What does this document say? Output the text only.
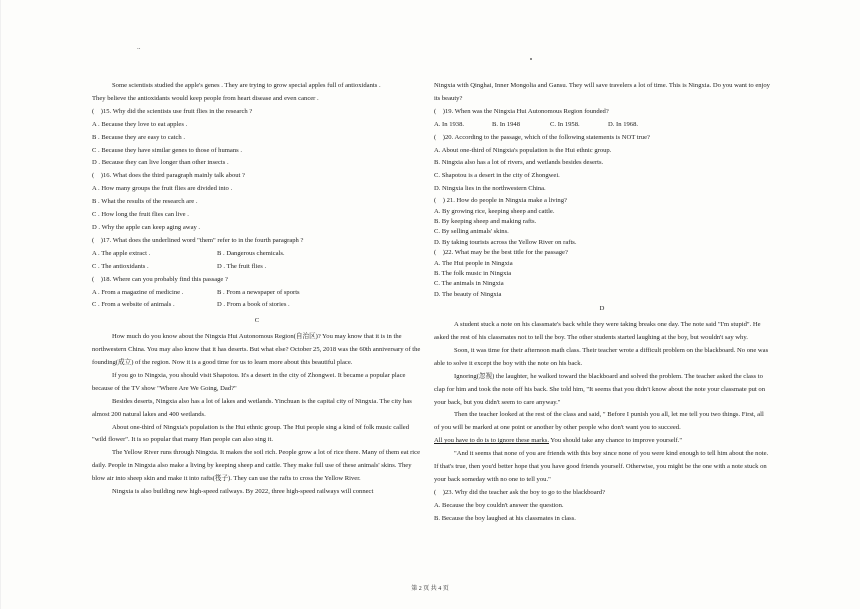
..

Some scientists studied the apple's genes . They are trying to grow special apples full of antioxidants .

They believe the antioxidants would keep people from heart disease and even cancer .

(　)15. Why did the scientists use fruit flies in the research ?

A . Because they love to eat apples .

B . Because they are easy to catch .

C . Because they have similar genes to those of humans .

D . Because they can live longer than other insects .

(　)16. What does the third paragraph mainly talk about ?

A . How many groups the fruit flies are divided into .

B . What the results of the research are .

C . How long the fruit flies can live .

D . Why the apple can keep aging away .

(　)17. What does the underlined word "them" refer to in the fourth paragraph ?

A . The apple extract .	B . Dangerous chemicals.
C . The antioxidants .	D . The fruit flies .

(　)18. Where can you probably find this passage ?

A . From a magazine of medicine .	B . From a newspaper of sports
C . From a website of animals .	D . From a book of stories .

C

How much do you know about the Ningxia Hui Autonomous Region(自治区)? You may know that it is in the northwestern China. You may also know that it has deserts. But what else? October 25, 2018 was the 60th anniversary of the founding(成立) of the region. Now it is a good time for us to learn more about this beautiful place.

If you go to Ningxia, you should visit Shapotou. It's a desert in the city of Zhongwei. It became a popular place because of the TV show "Where Are We Going, Dad?"

Besides deserts, Ningxia also has a lot of lakes and wetlands. Yinchuan is the capital city of Ningxia. The city has almost 200 natural lakes and 400 wetlands.

About one-third of Ningxia's population is the Hui ethnic group. The Hui people sing a kind of folk music called "wild flower". It is so popular that many Han people can also sing it.

The Yellow River runs through Ningxia. It makes the soil rich. People grow a lot of rice there. Many of them eat rice daily. People in Ningxia also make a living by keeping sheep and cattle. They make full use of these animals' skins. They blow air into sheep skin and make it into rafts(筏子). They can use the rafts to cross the Yellow River.

Ningxia is also building new high-speed railways. By 2022, three high-speed railways will connect

Ningxia with Qinghai, Inner Mongolia and Gansu. They will save travelers a lot of time. This is Ningxia. Do you want to enjoy its beauty?

(　)19. When was the Ningxia Hui Autonomous Region founded?

A. In 1938.	B. In 1948	C. In 1958.	D. In 1968.

(　)20. According to the passage, which of the following statements is NOT true?

A. About one-third of Ningxia's population is the Hui ethnic group.

B. Ningxia also has a lot of rivers, and wetlands besides deserts.

C. Shapotou is a desert in the city of Zhongwei.

D. Ningxia lies in the northwestern China.

(　) 21. How do people in Ningxia make a living?

A. By growing rice, keeping sheep and cattle.

B. By keeping sheep and making rafts.

C. By selling animals' skins.

D. By taking tourists across the Yellow River on rafts.

(　)22. What may be the best title for the passage?

A. The Hui people in Ningxia

B. The folk music in Ningxia

C. The animals in Ningxia

D. The beauty of Ningxia

D

A student stuck a note on his classmate's back while they were taking breaks one day. The note said "I'm stupid". He asked the rest of his classmates not to tell the boy. The other students started laughing at the boy, but wouldn't say why.

Soon, it was time for their afternoon math class. Their teacher wrote a difficult problem on the blackboard. No one was able to solve it except the boy with the note on his back.

Ignoring(忽视) the laughter, he walked toward the blackboard and solved the problem. The teacher asked the class to clap for him and took the note off his back. She told him, "It seems that you didn't know about the note your classmate put on your back, but you didn't seem to care anyway."

Then the teacher looked at the rest of the class and said, " Before I punish you all, let me tell you two things. First, all of you will be marked at one point or another by other people who don't want you to succeed.
All you have to do is to ignore these marks. You should take any chance to improve yourself."

"And it seems that none of you are friends with this boy since none of you were kind enough to tell him about the note. If that's true, then you'd better hope that you have good friends yourself. Otherwise, you might be the one with a note stuck on your back someday with no one to tell you."

(　)23. Why did the teacher ask the boy to go to the blackboard?

A. Because the boy couldn't answer the question.

B. Because the boy laughed at his classmates in class.

第 2 页 共 4 页
